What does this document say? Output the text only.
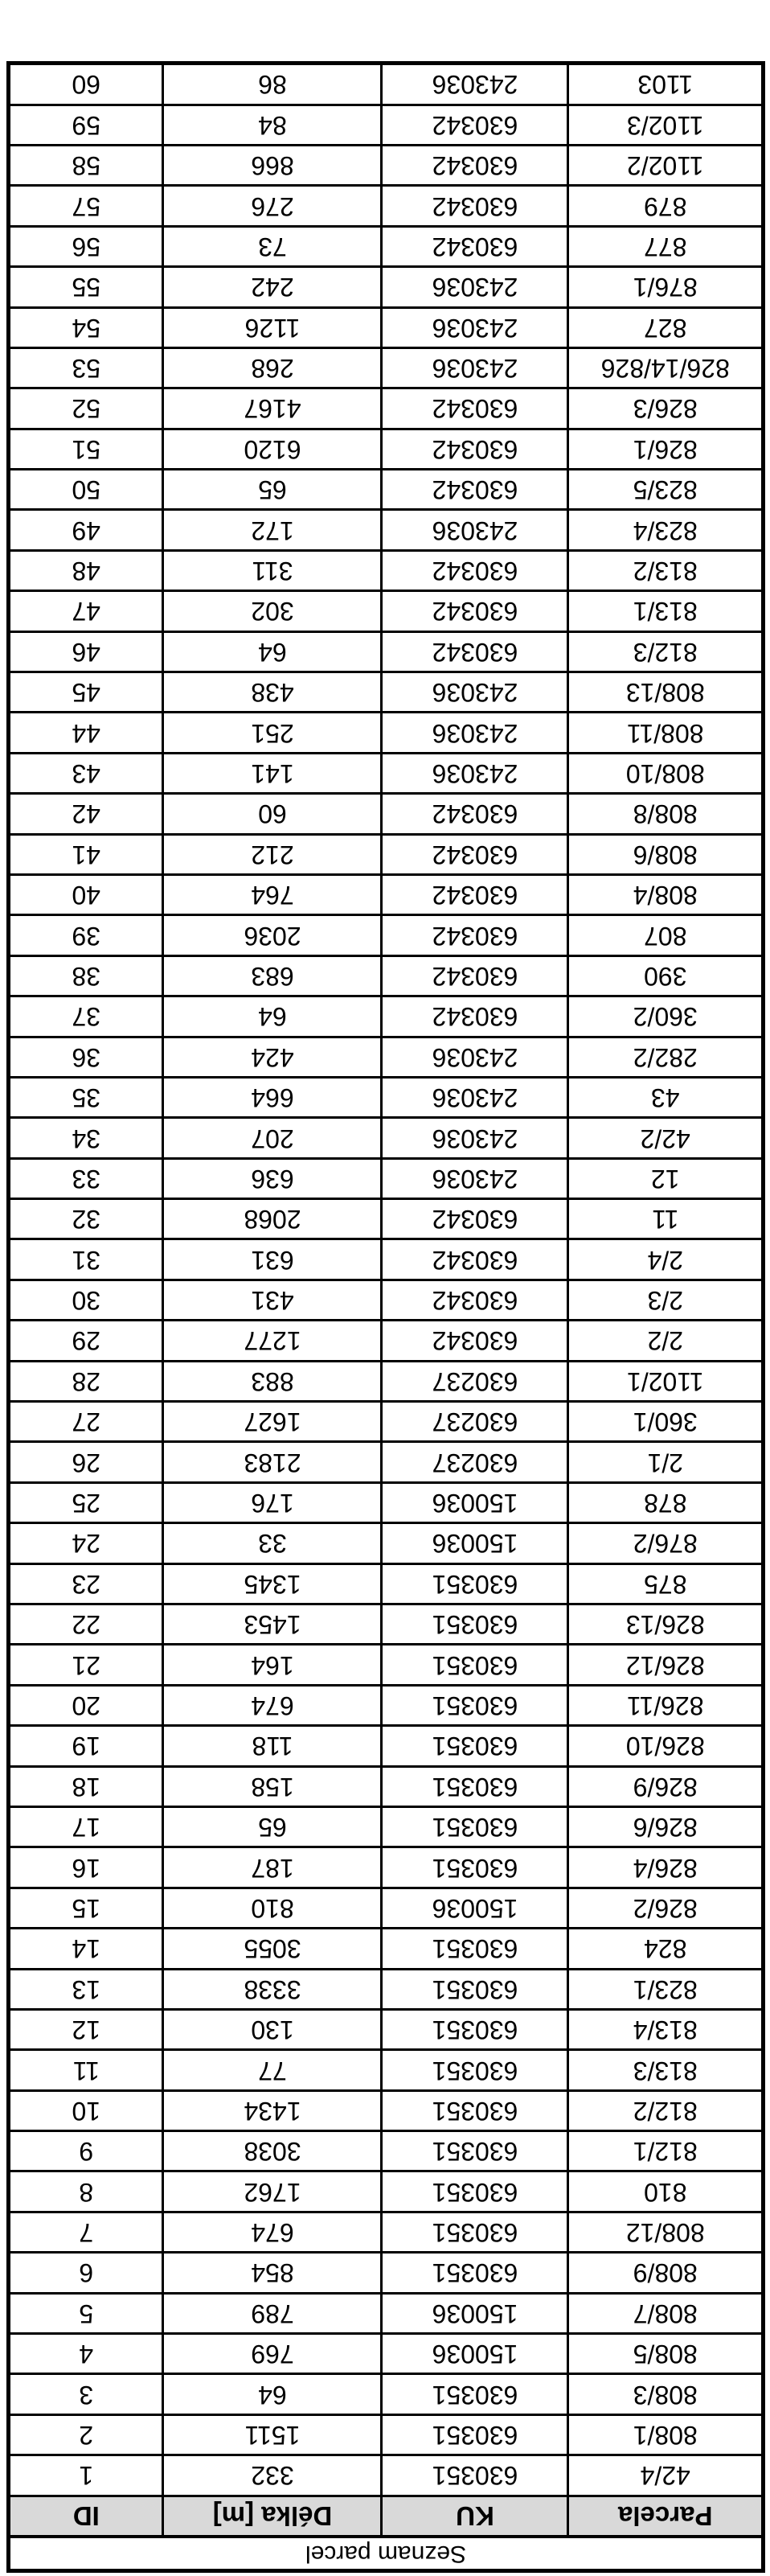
Seznam parcel
Parcela	KU	Délka [m]	ID
42/4	630351	332	1
808/1	630351	1511	2
808/3	630351	64	3
808/5	150036	769	4
808/7	150036	789	5
808/9	630351	854	6
808/12	630351	674	7
810	630351	1762	8
812/1	630351	3038	9
812/2	630351	1434	10
813/3	630351	77	11
813/4	630351	130	12
823/1	630351	3338	13
824	630351	3055	14
826/2	150036	810	15
826/4	630351	187	16
826/6	630351	65	17
826/9	630351	158	18
826/10	630351	118	19
826/11	630351	674	20
826/12	630351	164	21
826/13	630351	1453	22
875	630351	1345	23
876/2	150036	33	24
878	150036	176	25
2/1	630237	2183	26
360/1	630237	1627	27
1102/1	630237	883	28
2/2	630342	1277	29
2/3	630342	431	30
2/4	630342	631	31
11	630342	2068	32
12	243036	636	33
42/2	243036	207	34
43	243036	664	35
282/2	243036	424	36
360/2	630342	64	37
390	630342	683	38
807	630342	2036	39
808/4	630342	764	40
808/6	630342	212	41
808/8	630342	60	42
808/10	243036	141	43
808/11	243036	251	44
808/13	243036	438	45
812/3	630342	64	46
813/1	630342	302	47
813/2	630342	311	48
823/4	243036	172	49
823/5	630342	65	50
826/1	630342	6120	51
826/3	630342	4167	52
826/14/826	243036	268	53
827	243036	1126	54
876/1	243036	242	55
877	630342	73	56
879	630342	276	57
1102/2	630342	866	58
1102/3	630342	84	59
1103	243036	86	60
